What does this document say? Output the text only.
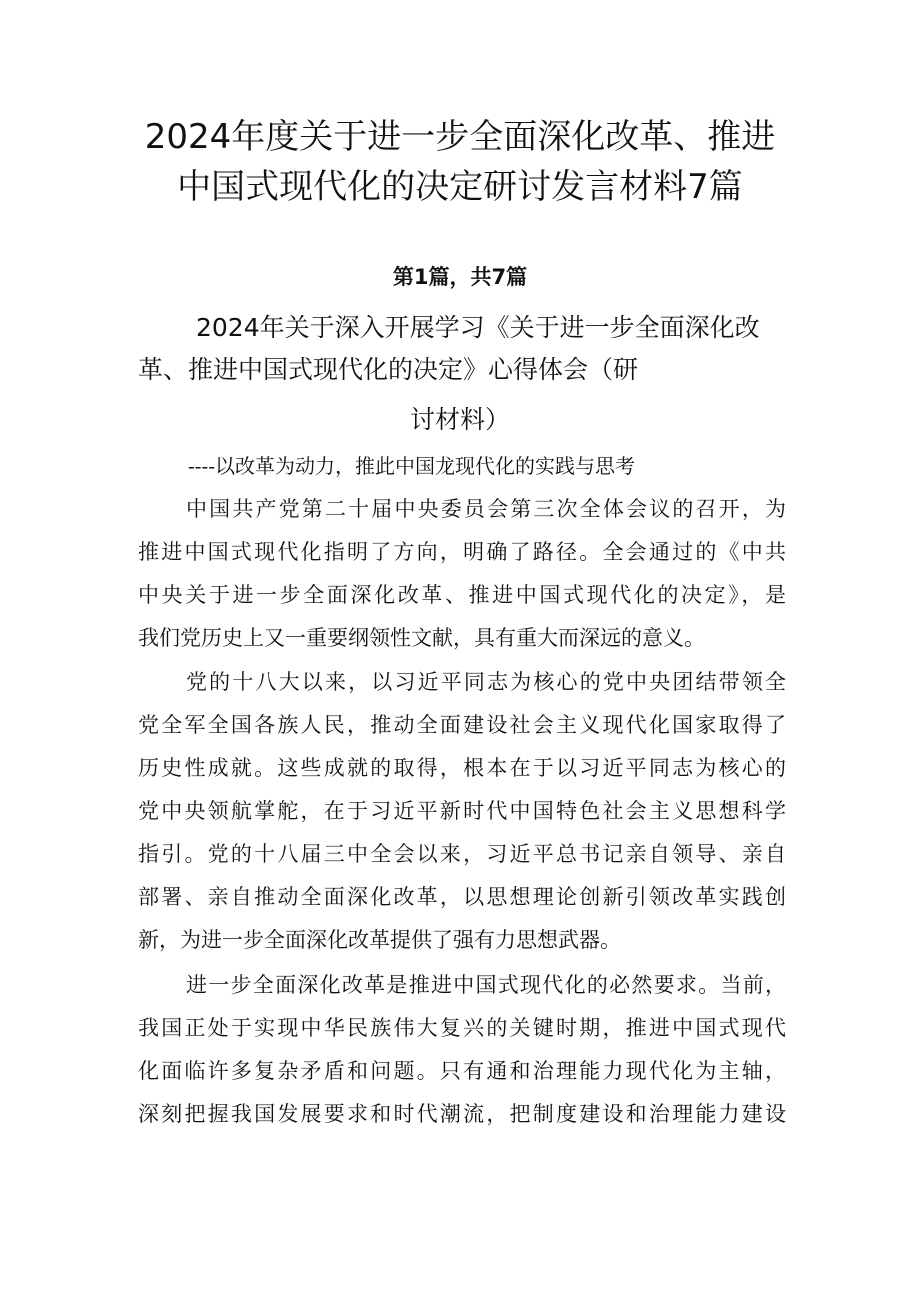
2024年度关于进一步全面深化改革、推进
中国式现代化的决定研讨发言材料7篇

第1篇，共7篇

2024年关于深入开展学习《关于进一步全面深化改

革、推进中国式现代化的决定》心得体会（研

讨材料）

----以改革为动力，推此中国龙现代化的实践与思考

中国共产党第二十届中央委员会第三次全体会议的召开，为

推进中国式现代化指明了方向，明确了路径。全会通过的《中共

中央关于进一步全面深化改革、推进中国式现代化的决定》，是

我们党历史上又一重要纲领性文献，具有重大而深远的意义。

党的十八大以来，以习近平同志为核心的党中央团结带领全

党全军全国各族人民，推动全面建设社会主义现代化国家取得了

历史性成就。这些成就的取得，根本在于以习近平同志为核心的

党中央领航掌舵，在于习近平新时代中国特色社会主义思想科学

指引。党的十八届三中全会以来，习近平总书记亲自领导、亲自

部署、亲自推动全面深化改革，以思想理论创新引领改革实践创

新，为进一步全面深化改革提供了强有力思想武器。

进一步全面深化改革是推进中国式现代化的必然要求。当前，

我国正处于实现中华民族伟大复兴的关键时期，推进中国式现代

化面临许多复杂矛盾和问题。只有通和治理能力现代化为主轴，

深刻把握我国发展要求和时代潮流，把制度建设和治理能力建设
